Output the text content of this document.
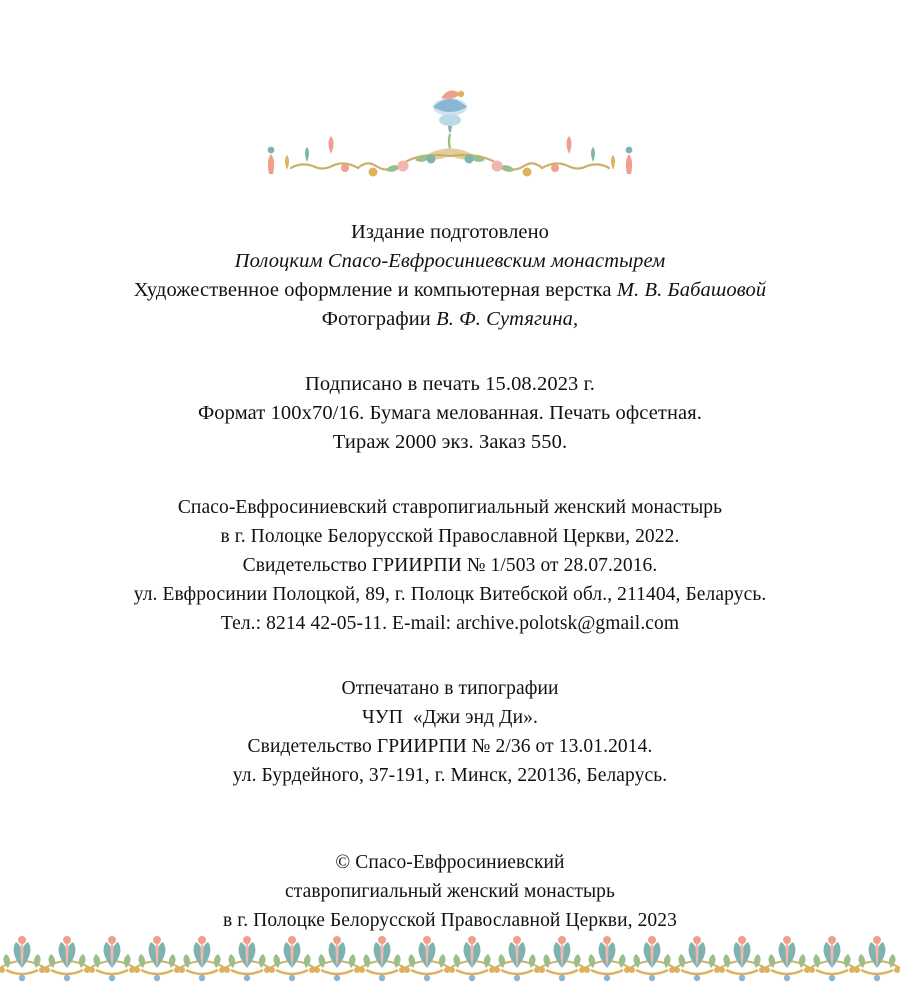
Издание подготовлено
Полоцким Спасо-Евфросиниевским монастырем
Художественное оформление и компьютерная верстка М. В. Бабашовой
Фотографии В. Ф. Сутягина,
Подписано в печать 15.08.2023 г.
Формат 100х70/16. Бумага мелованная. Печать офсетная.
Тираж 2000 экз. Заказ 550.
Спасо-Евфросиниевский ставропигиальный женский монастырь
в г. Полоцке Белорусской Православной Церкви, 2022.
Свидетельство ГРИИРПИ № 1/503 от 28.07.2016.
ул. Евфросинии Полоцкой, 89, г. Полоцк Витебской обл., 211404, Беларусь.
Тел.: 8214 42-05-11. E-mail: archive.polotsk@gmail.com
Отпечатано в типографии
ЧУП  «Джи энд Ди».
Свидетельство ГРИИРПИ № 2/36 от 13.01.2014.
ул. Бурдейного, 37-191, г. Минск, 220136, Беларусь.
© Спасо-Евфросиниевский
ставропигиальный женский монастырь
в г. Полоцке Белорусской Православной Церкви, 2023
